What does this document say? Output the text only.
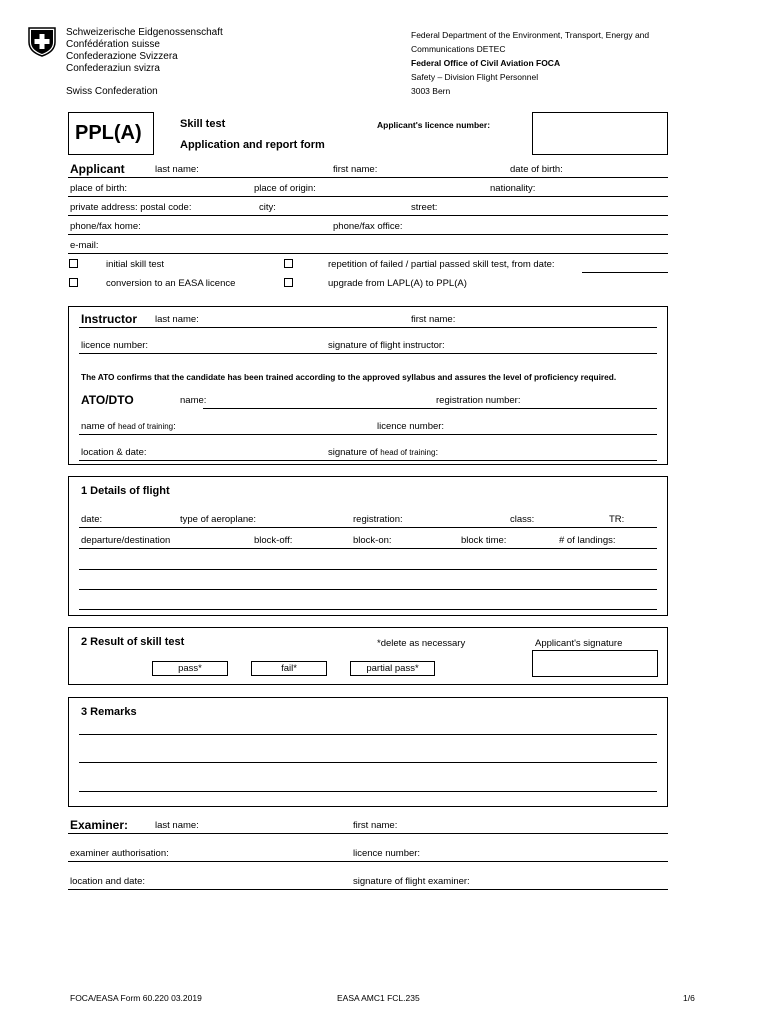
Schweizerische Eidgenossenschaft
Confédération suisse
Confederazione Svizzera
Confederaziun svizra
Swiss Confederation
Federal Department of the Environment, Transport, Energy and
Communications DETEC
Federal Office of Civil Aviation FOCA
Safety – Division Flight Personnel
3003 Bern
PPL(A)	Skill test
Application and report form
Applicant's licence number:
Applicant	last name:	first name:	date of birth:
place of birth:	place of origin:	nationality:
private address: postal code:	city:	street:
phone/fax home:	phone/fax office:
e-mail:
initial skill test	repetition of failed / partial passed skill test, from date:
conversion to an EASA licence	upgrade from LAPL(A) to PPL(A)
Instructor last name:	first name:
licence number:	signature of flight instructor:
The ATO confirms that the candidate has been trained according to the approved syllabus and assures the level of proficiency required.
ATO/DTO	name:	registration number:
name of head of training:	licence number:
location & date:	signature of head of training:
1 Details of flight
date:	type of aeroplane:	registration:	class:	TR:
departure/destination	block-off:	block-on:	block time:	# of landings:
2 Result of skill test	*delete as necessary	Applicant's signature
pass*	fail*	partial pass*
3 Remarks
Examiner:	last name:	first name:
examiner authorisation:	licence number:
location and date:	signature of flight examiner:
FOCA/EASA Form 60.220 03.2019	EASA AMC1 FCL.235	1/6
